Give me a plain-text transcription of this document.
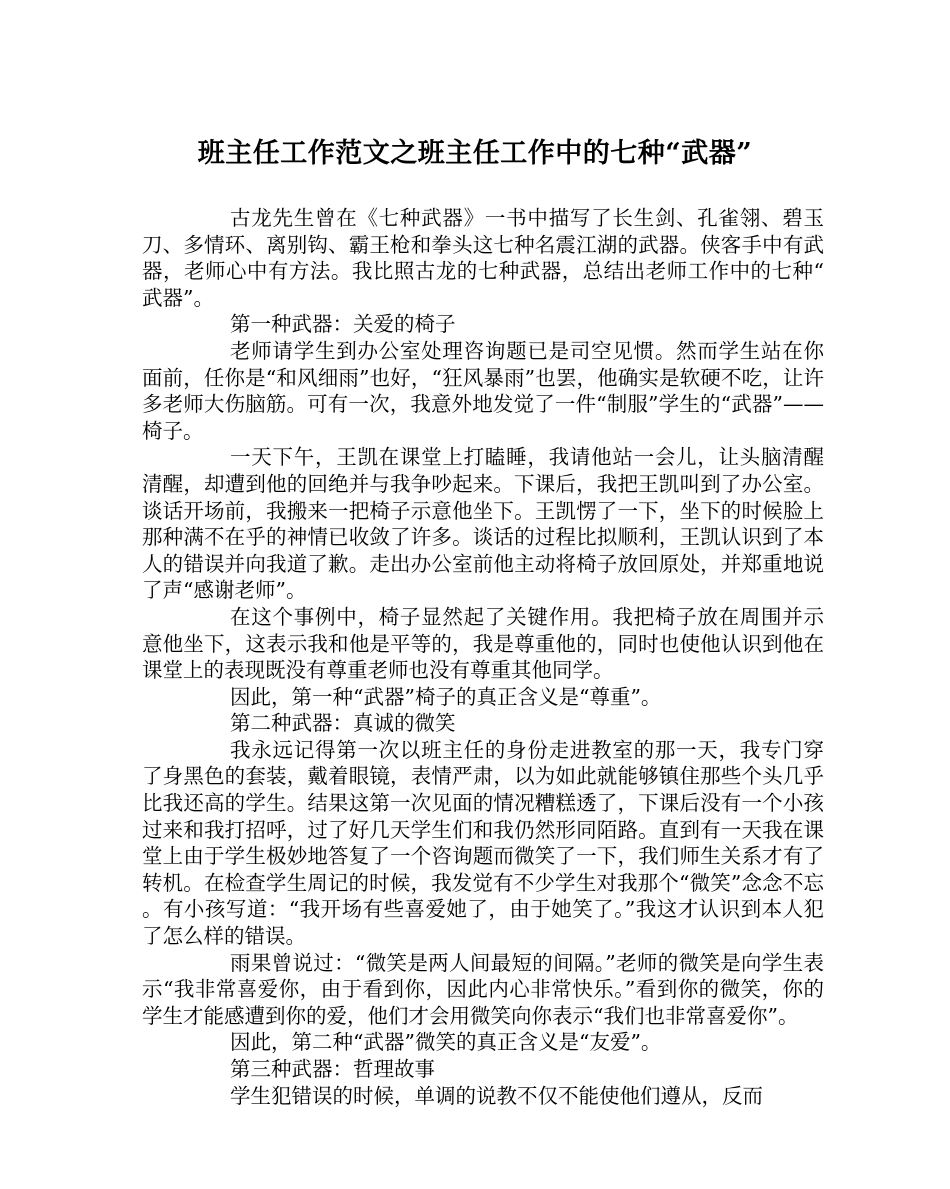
班主任工作范文之班主任工作中的七种“武器”

古龙先生曾在《七种武器》一书中描写了长生剑、孔雀翎、碧玉刀、多情环、离别钩、霸王枪和拳头这七种名震江湖的武器。侠客手中有武器，老师心中有方法。我比照古龙的七种武器，总结出老师工作中的七种“武器”。

第一种武器：关爱的椅子

老师请学生到办公室处理咨询题已是司空见惯。然而学生站在你面前，任你是“和风细雨”也好，“狂风暴雨”也罢，他确实是软硬不吃，让许多老师大伤脑筋。可有一次，我意外地发觉了一件“制服”学生的“武器”——椅子。

一天下午，王凯在课堂上打瞌睡，我请他站一会儿，让头脑清醒清醒，却遭到他的回绝并与我争吵起来。下课后，我把王凯叫到了办公室。谈话开场前，我搬来一把椅子示意他坐下。王凯愣了一下，坐下的时候脸上那种满不在乎的神情已收敛了许多。谈话的过程比拟顺利，王凯认识到了本人的错误并向我道了歉。走出办公室前他主动将椅子放回原处，并郑重地说了声“感谢老师”。

在这个事例中，椅子显然起了关键作用。我把椅子放在周围并示意他坐下，这表示我和他是平等的，我是尊重他的，同时也使他认识到他在课堂上的表现既没有尊重老师也没有尊重其他同学。

因此，第一种“武器”椅子的真正含义是“尊重”。

第二种武器：真诚的微笑

我永远记得第一次以班主任的身份走进教室的那一天，我专门穿了身黑色的套装，戴着眼镜，表情严肃，以为如此就能够镇住那些个头几乎比我还高的学生。结果这第一次见面的情况糟糕透了，下课后没有一个小孩过来和我打招呼，过了好几天学生们和我仍然形同陌路。直到有一天我在课堂上由于学生极妙地答复了一个咨询题而微笑了一下，我们师生关系才有了转机。在检查学生周记的时候，我发觉有不少学生对我那个“微笑”念念不忘。有小孩写道：“我开场有些喜爱她了，由于她笑了。”我这才认识到本人犯了怎么样的错误。

雨果曾说过：“微笑是两人间最短的间隔。”老师的微笑是向学生表示“我非常喜爱你，由于看到你，因此内心非常快乐。”看到你的微笑，你的学生才能感遭到你的爱，他们才会用微笑向你表示“我们也非常喜爱你”。

因此，第二种“武器”微笑的真正含义是“友爱”。

第三种武器：哲理故事

学生犯错误的时候，单调的说教不仅不能使他们遵从，反而
